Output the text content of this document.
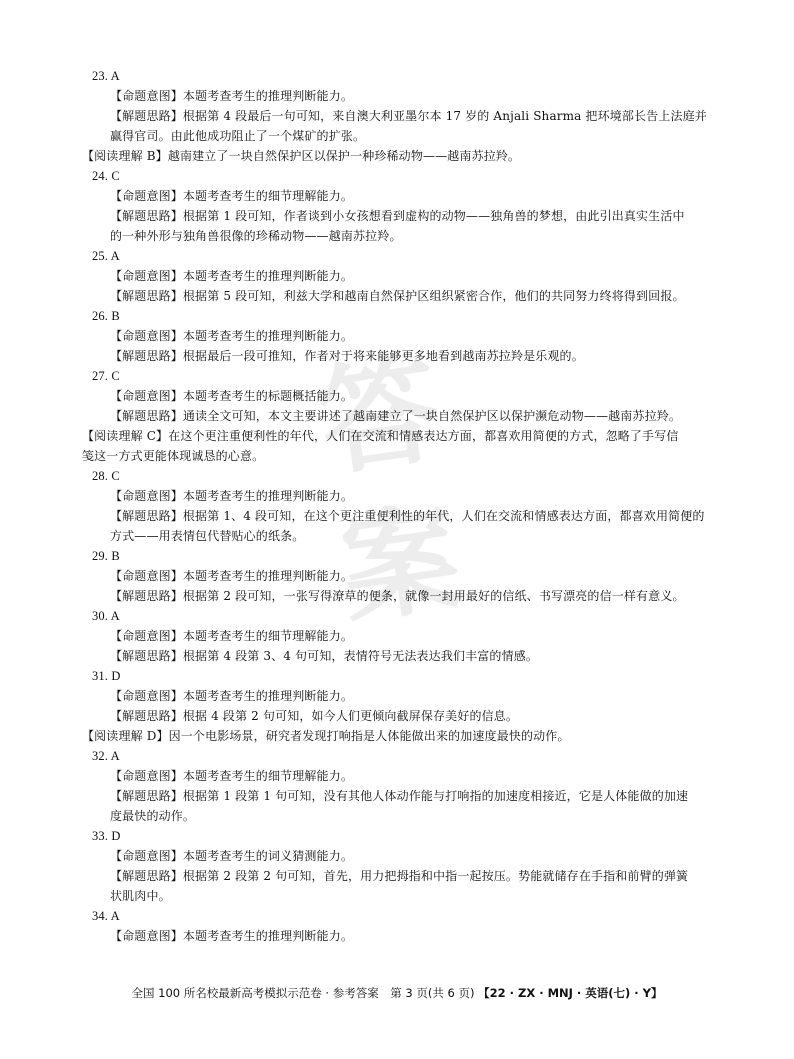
答案
23. A
【命题意图】本题考查考生的推理判断能力。
【解题思路】根据第 4 段最后一句可知，来自澳大利亚墨尔本 17 岁的 Anjali Sharma 把环境部长告上法庭并
赢得官司。由此他成功阻止了一个煤矿的扩张。
【阅读理解 B】越南建立了一块自然保护区以保护一种珍稀动物——越南苏拉羚。
24. C
【命题意图】本题考查考生的细节理解能力。
【解题思路】根据第 1 段可知，作者谈到小女孩想看到虚构的动物——独角兽的梦想，由此引出真实生活中
的一种外形与独角兽很像的珍稀动物——越南苏拉羚。
25. A
【命题意图】本题考查考生的推理判断能力。
【解题思路】根据第 5 段可知，利兹大学和越南自然保护区组织紧密合作，他们的共同努力终将得到回报。
26. B
【命题意图】本题考查考生的推理判断能力。
【解题思路】根据最后一段可推知，作者对于将来能够更多地看到越南苏拉羚是乐观的。
27. C
【命题意图】本题考查考生的标题概括能力。
【解题思路】通读全文可知，本文主要讲述了越南建立了一块自然保护区以保护濒危动物——越南苏拉羚。
【阅读理解 C】在这个更注重便利性的年代，人们在交流和情感表达方面，都喜欢用简便的方式，忽略了手写信
笺这一方式更能体现诚恳的心意。
28. C
【命题意图】本题考查考生的推理判断能力。
【解题思路】根据第 1、4 段可知，在这个更注重便利性的年代，人们在交流和情感表达方面，都喜欢用简便的
方式——用表情包代替贴心的纸条。
29. B
【命题意图】本题考查考生的推理判断能力。
【解题思路】根据第 2 段可知，一张写得潦草的便条，就像一封用最好的信纸、书写漂亮的信一样有意义。
30. A
【命题意图】本题考查考生的细节理解能力。
【解题思路】根据第 4 段第 3、4 句可知，表情符号无法表达我们丰富的情感。
31. D
【命题意图】本题考查考生的推理判断能力。
【解题思路】根据 4 段第 2 句可知，如今人们更倾向截屏保存美好的信息。
【阅读理解 D】因一个电影场景，研究者发现打响指是人体能做出来的加速度最快的动作。
32. A
【命题意图】本题考查考生的细节理解能力。
【解题思路】根据第 1 段第 1 句可知，没有其他人体动作能与打响指的加速度相接近，它是人体能做的加速
度最快的动作。
33. D
【命题意图】本题考查考生的词义猜测能力。
【解题思路】根据第 2 段第 2 句可知，首先，用力把拇指和中指一起按压。势能就储存在手指和前臂的弹簧
状肌肉中。
34. A
【命题意图】本题考查考生的推理判断能力。
全国 100 所名校最新高考模拟示范卷 · 参考答案　第 3 页(共 6 页) 【22 · ZX · MNJ · 英语(七) · Y】
